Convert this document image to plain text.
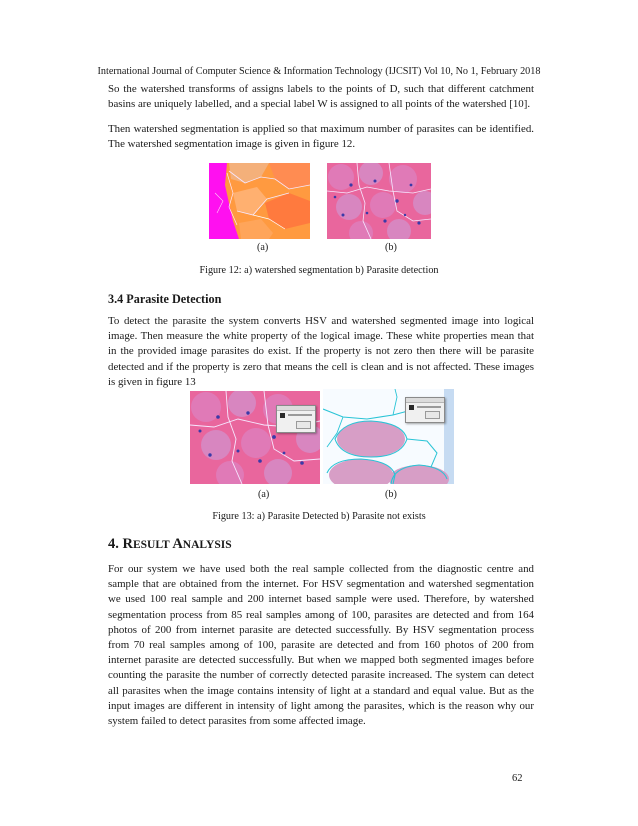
International Journal of Computer Science & Information Technology (IJCSIT) Vol 10, No 1, February 2018

So the watershed transforms of assigns labels to the points of D, such that different catchment basins are uniquely labelled, and a special label W is assigned to all points of the watershed [10].

Then watershed segmentation is applied so that maximum number of parasites can be identified. The watershed segmentation image is given in figure 12.

(a)	(b)
Figure 12: a) watershed segmentation b) Parasite detection
3.4 Parasite Detection

To detect the parasite the system converts HSV and watershed segmented image into logical image. Then measure the white property of the logical image. These white properties mean that in the provided image parasites do exist. If the property is not zero then there will be parasite detected and if the property is zero that means the cell is clean and is not affected. These images is given in figure 13

(a)	(b)
Figure 13: a) Parasite Detected b) Parasite not exists
4. RESULT ANALYSIS

For our system we have used both the real sample collected from the diagnostic centre and sample that are obtained from the internet. For HSV segmentation and watershed segmentation we used 100 real sample and 200 internet based sample were used. Therefore, by watershed segmentation process from 85 real samples among of 100, parasites are detected and from 164 photos of 200 from internet parasite are detected successfully. By HSV segmentation process from 70 real samples among of 100, parasite are detected and from 160 photos of 200 from internet parasite are detected successfully. But when we mapped both segmented images before counting the parasite the number of correctly detected parasite increased. The system can detect all parasites when the image contains intensity of light at a standard and equal value. But as the input images are different in intensity of light among the parasites, which is the reason why our system failed to detect parasites from some affected image.

62
